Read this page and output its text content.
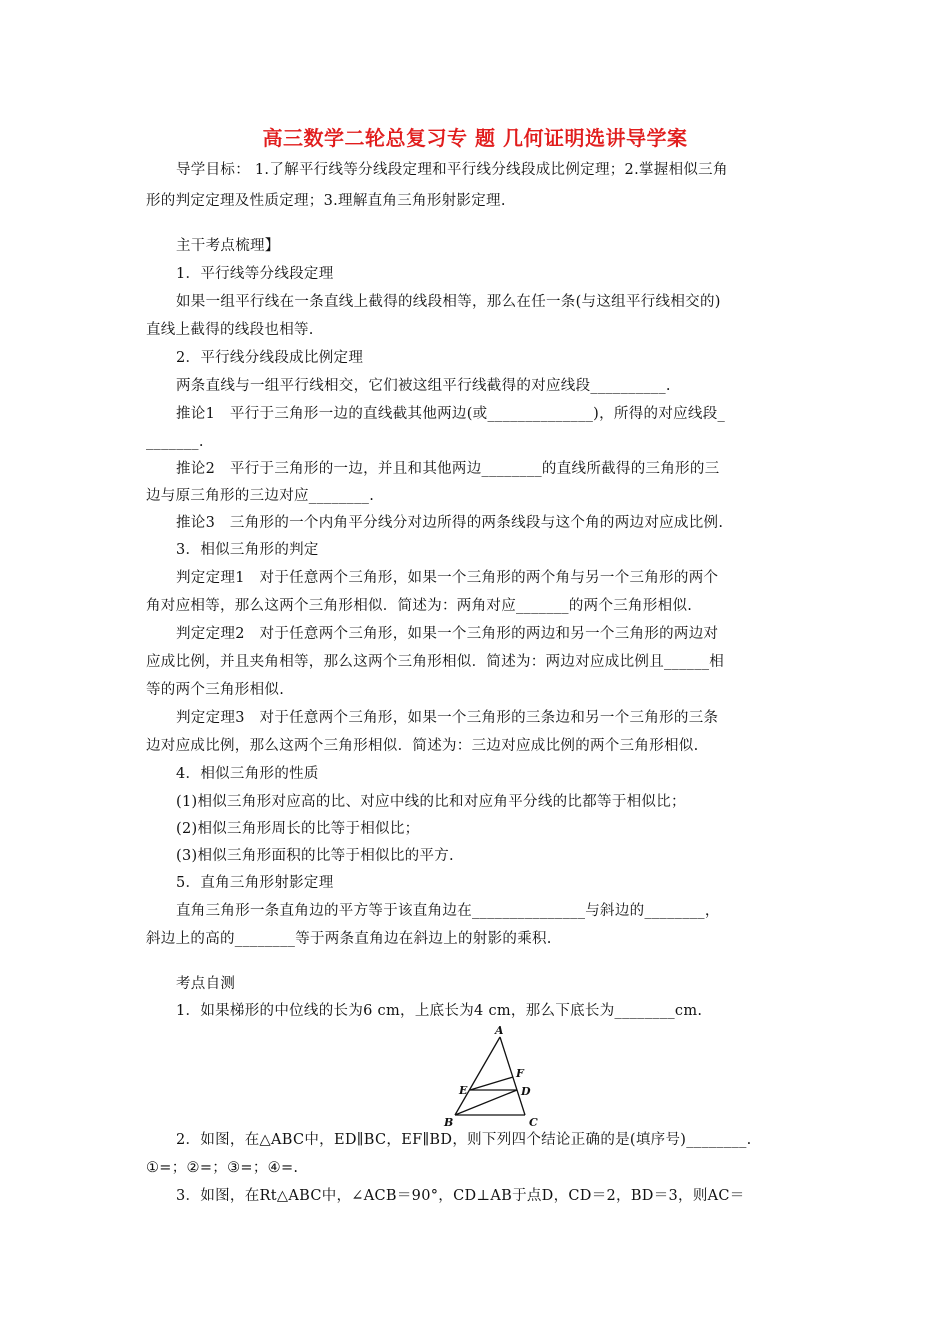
高三数学二轮总复习专 题 几何证明选讲导学案
导学目标： 1.了解平行线等分线段定理和平行线分线段成比例定理；2.掌握相似三角
形的判定定理及性质定理；3.理解直角三角形射影定理.
主干考点梳理】
1．平行线等分线段定理
如果一组平行线在一条直线上截得的线段相等，那么在任一条(与这组平行线相交的)
直线上截得的线段也相等.
2．平行线分线段成比例定理
两条直线与一组平行线相交，它们被这组平行线截得的对应线段__________.
推论1　平行于三角形一边的直线截其他两边(或______________)，所得的对应线段_
_______.
推论2　平行于三角形的一边，并且和其他两边________的直线所截得的三角形的三
边与原三角形的三边对应________.
推论3　三角形的一个内角平分线分对边所得的两条线段与这个角的两边对应成比例.
3．相似三角形的判定
判定定理1　对于任意两个三角形，如果一个三角形的两个角与另一个三角形的两个
角对应相等，那么这两个三角形相似．简述为：两角对应_______的两个三角形相似.
判定定理2　对于任意两个三角形，如果一个三角形的两边和另一个三角形的两边对
应成比例，并且夹角相等，那么这两个三角形相似．简述为：两边对应成比例且______相
等的两个三角形相似.
判定定理3　对于任意两个三角形，如果一个三角形的三条边和另一个三角形的三条
边对应成比例，那么这两个三角形相似．简述为：三边对应成比例的两个三角形相似.
4．相似三角形的性质
(1)相似三角形对应高的比、对应中线的比和对应角平分线的比都等于相似比；
(2)相似三角形周长的比等于相似比；
(3)相似三角形面积的比等于相似比的平方.
5．直角三角形射影定理
直角三角形一条直角边的平方等于该直角边在_______________与斜边的________，
斜边上的高的________等于两条直角边在斜边上的射影的乘积.
考点自测
1．如果梯形的中位线的长为6 cm，上底长为4 cm，那么下底长为________cm.
A
F
E	D
B	C
2．如图，在△ABC中，ED∥BC，EF∥BD，则下列四个结论正确的是(填序号)________.
①=；②=；③=；④=.
3．如图，在Rt△ABC中，∠ACB＝90°，CD⊥AB于点D，CD＝2，BD＝3，则AC＝
